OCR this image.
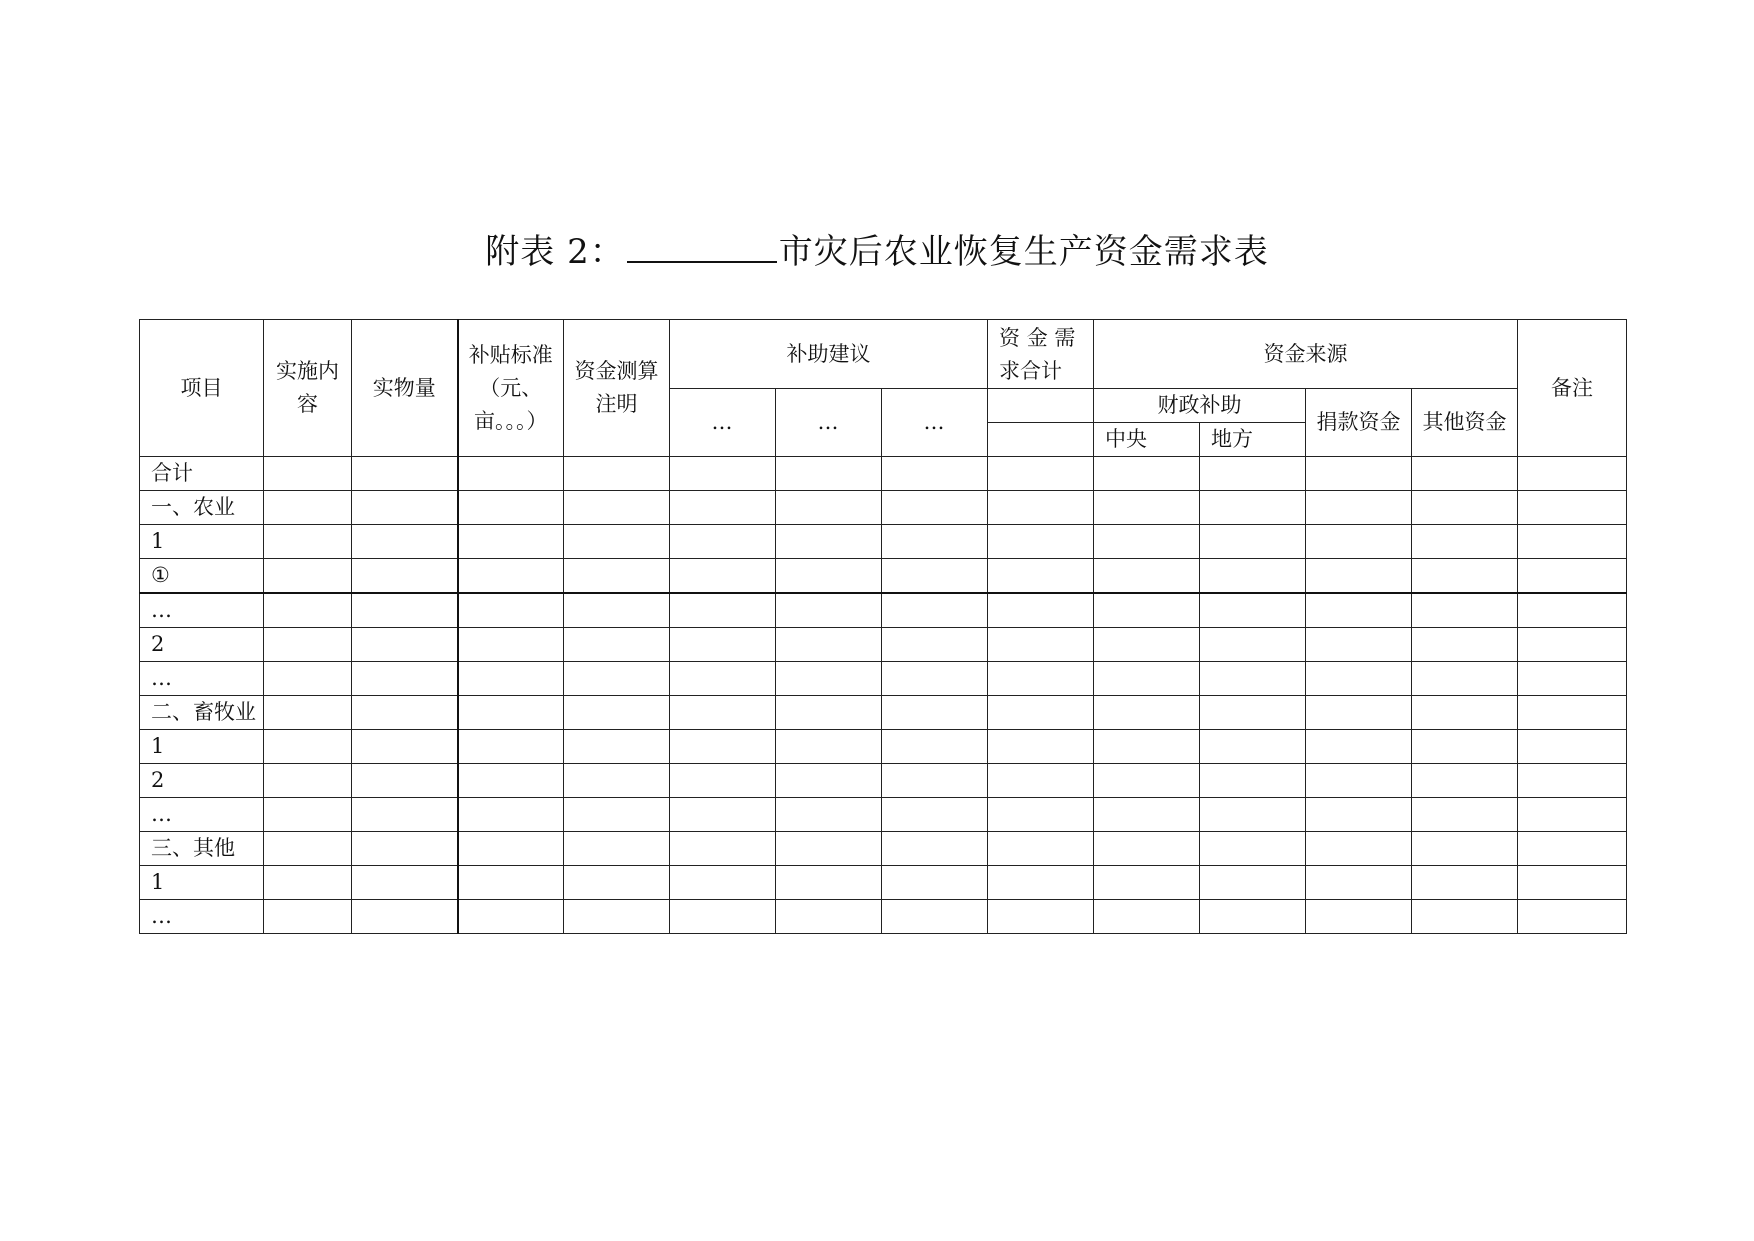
附表 2：	市灾后农业恢复生产资金需求表
项目	实施内容	实物量	补贴标准（元、亩。。。）	资金测算注明	补助建议			资 金 需求合计	资金来源				备注
					…	…	…		财政补助		捐款资金	其他资金	
									中央	地方			
合计													
一、农业													
1													
①													
…													
2													
…													
二、畜牧业													
1													
2													
…													
三、其他													
1													
…													
